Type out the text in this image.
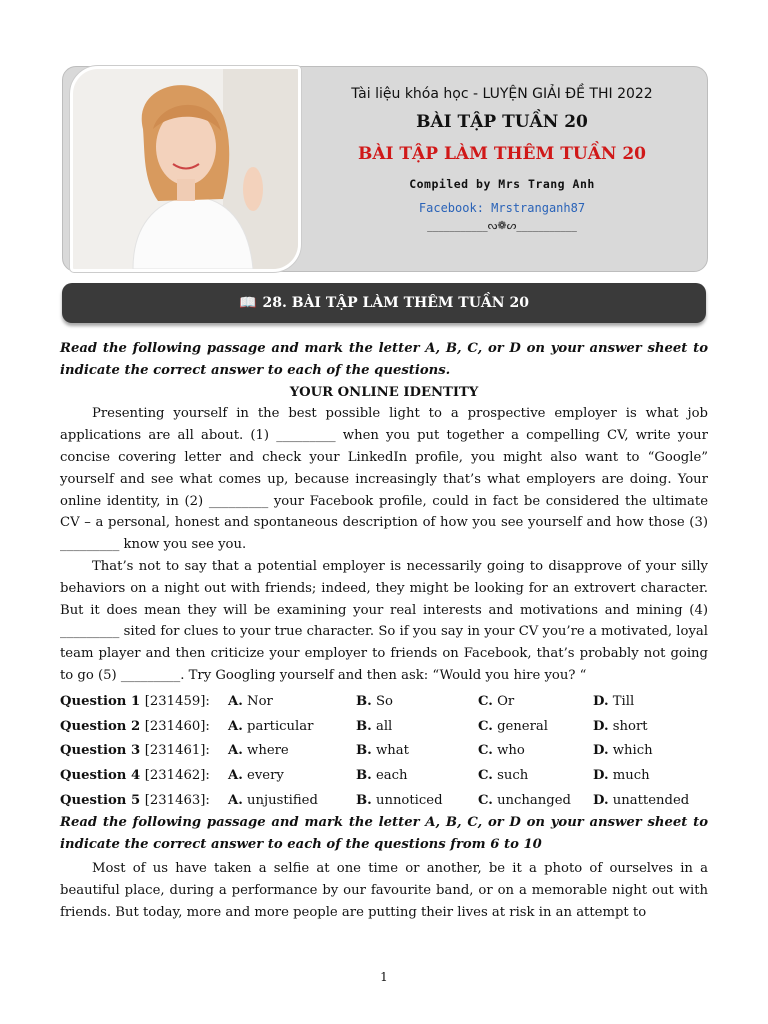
Tài liệu khóa học - LUYỆN GIẢI ĐỀ THI 2022
BÀI TẬP TUẦN 20
BÀI TẬP LÀM THÊM TUẦN 20
Compiled by Mrs Trang Anh
Facebook: Mrstranganh87
___________ᔓ❁ᔕ___________
📖 28. BÀI TẬP LÀM THÊM TUẦN 20

Read the following passage and mark the letter A, B, C, or D on your answer sheet to indicate the correct answer to each of the questions.

YOUR ONLINE IDENTITY

Presenting yourself in the best possible light to a prospective employer is what job applications are all about. (1) _________ when you put together a compelling CV, write your concise covering letter and check your LinkedIn profile, you might also want to “Google” yourself and see what comes up, because increasingly that’s what employers are doing. Your online identity, in (2) _________ your Facebook profile, could in fact be considered the ultimate CV – a personal, honest and spontaneous description of how you see yourself and how those (3) _________ know you see you.

That’s not to say that a potential employer is necessarily going to disapprove of your silly behaviors on a night out with friends; indeed, they might be looking for an extrovert character. But it does mean they will be examining your real interests and motivations and mining (4) _________ sited for clues to your true character. So if you say in your CV you’re a motivated, loyal team player and then criticize your employer to friends on Facebook, that’s probably not going to go (5) _________. Try Googling yourself and then ask: “Would you hire you? “

Question 1 [231459]:	A. Nor	B. So	C. Or	D. Till
Question 2 [231460]:	A. particular	B. all	C. general	D. short
Question 3 [231461]:	A. where	B. what	C. who	D. which
Question 4 [231462]:	A. every	B. each	C. such	D. much
Question 5 [231463]:	A. unjustified	B. unnoticed	C. unchanged	D. unattended

Read the following passage and mark the letter A, B, C, or D on your answer sheet to indicate the correct answer to each of the questions from 6 to 10

Most of us have taken a selfie at one time or another, be it a photo of ourselves in a beautiful place, during a performance by our favourite band, or on a memorable night out with friends. But today, more and more people are putting their lives at risk in an attempt to

1
